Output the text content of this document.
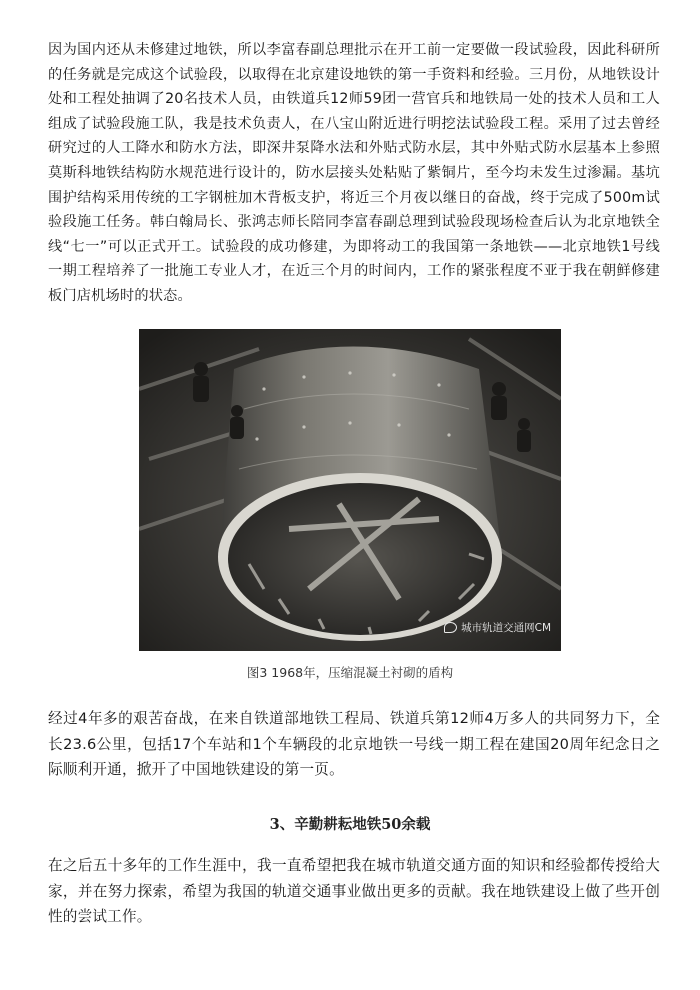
因为国内还从未修建过地铁，所以李富春副总理批示在开工前一定要做一段试验段，因此科研所的任务就是完成这个试验段，以取得在北京建设地铁的第一手资料和经验。三月份，从地铁设计处和工程处抽调了20名技术人员，由铁道兵12师59团一营官兵和地铁局一处的技术人员和工人组成了试验段施工队，我是技术负责人，在八宝山附近进行明挖法试验段工程。采用了过去曾经研究过的人工降水和防水方法，即深井泵降水法和外贴式防水层，其中外贴式防水层基本上参照莫斯科地铁结构防水规范进行设计的，防水层接头处粘贴了紫铜片，至今均未发生过渗漏。基坑围护结构采用传统的工字钢桩加木背板支护，将近三个月夜以继日的奋战，终于完成了500m试验段施工任务。韩白翰局长、张鸿志师长陪同李富春副总理到试验段现场检查后认为北京地铁全线“七一”可以正式开工。试验段的成功修建，为即将动工的我国第一条地铁——北京地铁1号线一期工程培养了一批施工专业人才，在近三个月的时间内，工作的紧张程度不亚于我在朝鲜修建板门店机场时的状态。

城市轨道交通网CM
图3 1968年，压缩混凝土衬砌的盾构

经过4年多的艰苦奋战，在来自铁道部地铁工程局、铁道兵第12师4万多人的共同努力下，全长23.6公里，包括17个车站和1个车辆段的北京地铁一号线一期工程在建国20周年纪念日之际顺利开通，掀开了中国地铁建设的第一页。

3、辛勤耕耘地铁50余载

在之后五十多年的工作生涯中，我一直希望把我在城市轨道交通方面的知识和经验都传授给大家，并在努力探索，希望为我国的轨道交通事业做出更多的贡献。我在地铁建设上做了些开创性的尝试工作。
